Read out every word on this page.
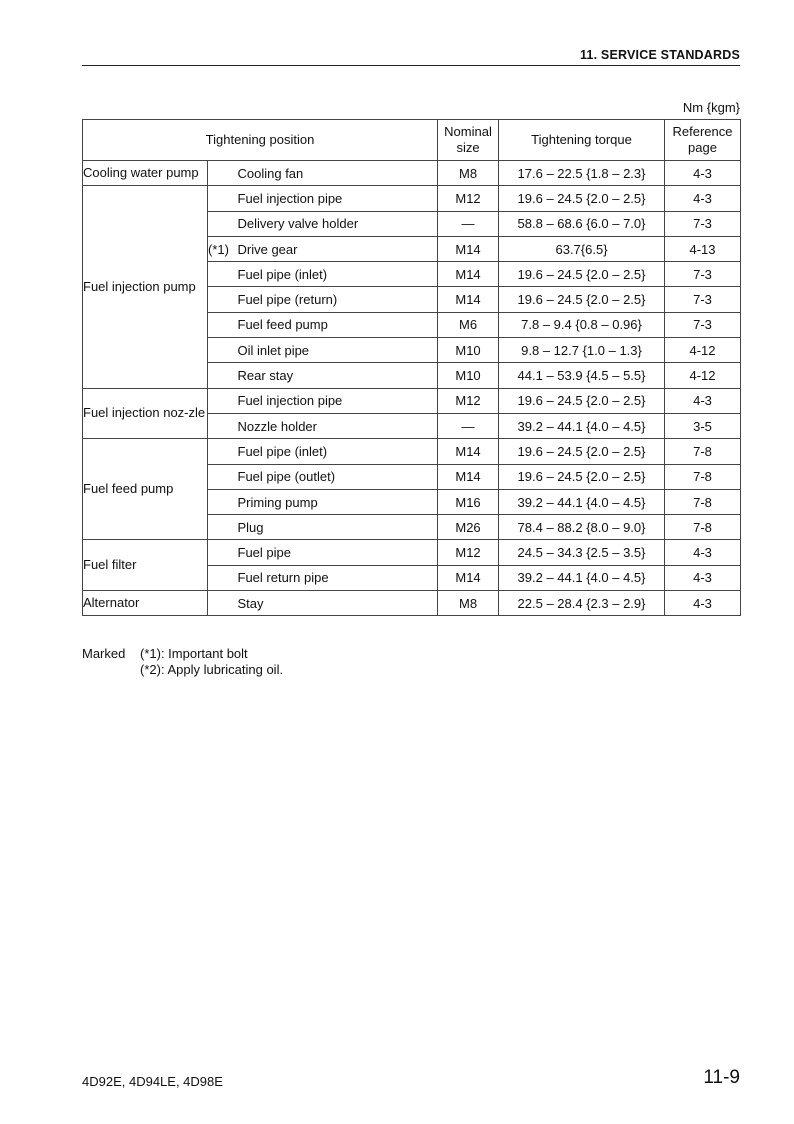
11. SERVICE STANDARDS
Nm {kgm}
Tightening position			Nominal size	Tightening torque	Reference page
Cooling water pump		Cooling fan	M8	17.6 – 22.5 {1.8 – 2.3}	4-3
Fuel injection pump		Fuel injection pipe	M12	19.6 – 24.5 {2.0 – 2.5}	4-3
		Delivery valve holder	—	58.8 – 68.6 {6.0 – 7.0}	7-3
	(*1)	Drive gear	M14	63.7{6.5}	4-13
		Fuel pipe (inlet)	M14	19.6 – 24.5 {2.0 – 2.5}	7-3
		Fuel pipe (return)	M14	19.6 – 24.5 {2.0 – 2.5}	7-3
		Fuel feed pump	M6	7.8 – 9.4 {0.8 – 0.96}	7-3
		Oil inlet pipe	M10	9.8 – 12.7 {1.0 – 1.3}	4-12
		Rear stay	M10	44.1 – 53.9 {4.5 – 5.5}	4-12
Fuel injection noz-zle		Fuel injection pipe	M12	19.6 – 24.5 {2.0 – 2.5}	4-3
		Nozzle holder	—	39.2 – 44.1 {4.0 – 4.5}	3-5
Fuel feed pump		Fuel pipe (inlet)	M14	19.6 – 24.5 {2.0 – 2.5}	7-8
		Fuel pipe (outlet)	M14	19.6 – 24.5 {2.0 – 2.5}	7-8
		Priming pump	M16	39.2 – 44.1 {4.0 – 4.5}	7-8
		Plug	M26	78.4 – 88.2 {8.0 – 9.0}	7-8
Fuel filter		Fuel pipe	M12	24.5 – 34.3 {2.5 – 3.5}	4-3
		Fuel return pipe	M14	39.2 – 44.1 {4.0 – 4.5}	4-3
Alternator		Stay	M8	22.5 – 28.4 {2.3 – 2.9}	4-3
Marked	(*1): Important bolt
(*2): Apply lubricating oil.
4D92E, 4D94LE, 4D98E	11-9
